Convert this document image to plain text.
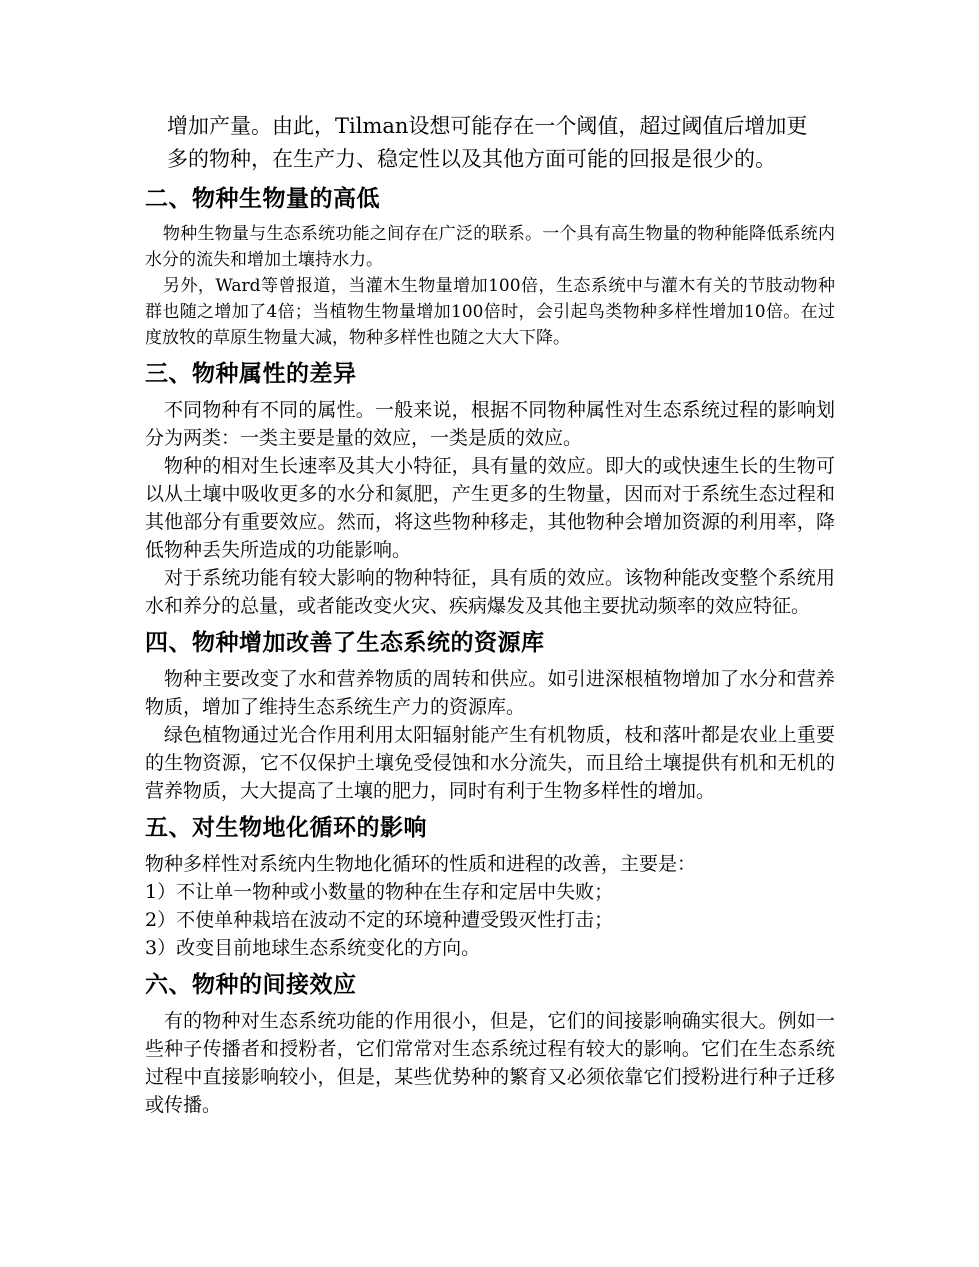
增加产量。由此，Tilman设想可能存在一个阈值，超过阈值后增加更

多的物种，在生产力、稳定性以及其他方面可能的回报是很少的。

二、物种生物量的高低

物种生物量与生态系统功能之间存在广泛的联系。一个具有高生物量的物种能降低系统内水分的流失和增加土壤持水力。

另外，Ward等曾报道，当灌木生物量增加100倍，生态系统中与灌木有关的节肢动物种群也随之增加了4倍；当植物生物量增加100倍时，会引起鸟类物种多样性增加10倍。在过度放牧的草原生物量大减，物种多样性也随之大大下降。

三、物种属性的差异

不同物种有不同的属性。一般来说，根据不同物种属性对生态系统过程的影响划分为两类：一类主要是量的效应，一类是质的效应。

物种的相对生长速率及其大小特征，具有量的效应。即大的或快速生长的生物可以从土壤中吸收更多的水分和氮肥，产生更多的生物量，因而对于系统生态过程和其他部分有重要效应。然而，将这些物种移走，其他物种会增加资源的利用率，降低物种丢失所造成的功能影响。

对于系统功能有较大影响的物种特征，具有质的效应。该物种能改变整个系统用水和养分的总量，或者能改变火灾、疾病爆发及其他主要扰动频率的效应特征。

四、物种增加改善了生态系统的资源库

物种主要改变了水和营养物质的周转和供应。如引进深根植物增加了水分和营养物质，增加了维持生态系统生产力的资源库。

绿色植物通过光合作用利用太阳辐射能产生有机物质，枝和落叶都是农业上重要的生物资源，它不仅保护土壤免受侵蚀和水分流失，而且给土壤提供有机和无机的营养物质，大大提高了土壤的肥力，同时有利于生物多样性的增加。

五、对生物地化循环的影响

物种多样性对系统内生物地化循环的性质和进程的改善，主要是：

1）不让单一物种或小数量的物种在生存和定居中失败；

2）不使单种栽培在波动不定的环境种遭受毁灭性打击；

3）改变目前地球生态系统变化的方向。

六、物种的间接效应

有的物种对生态系统功能的作用很小，但是，它们的间接影响确实很大。例如一些种子传播者和授粉者，它们常常对生态系统过程有较大的影响。它们在生态系统过程中直接影响较小，但是，某些优势种的繁育又必须依靠它们授粉进行种子迁移或传播。
